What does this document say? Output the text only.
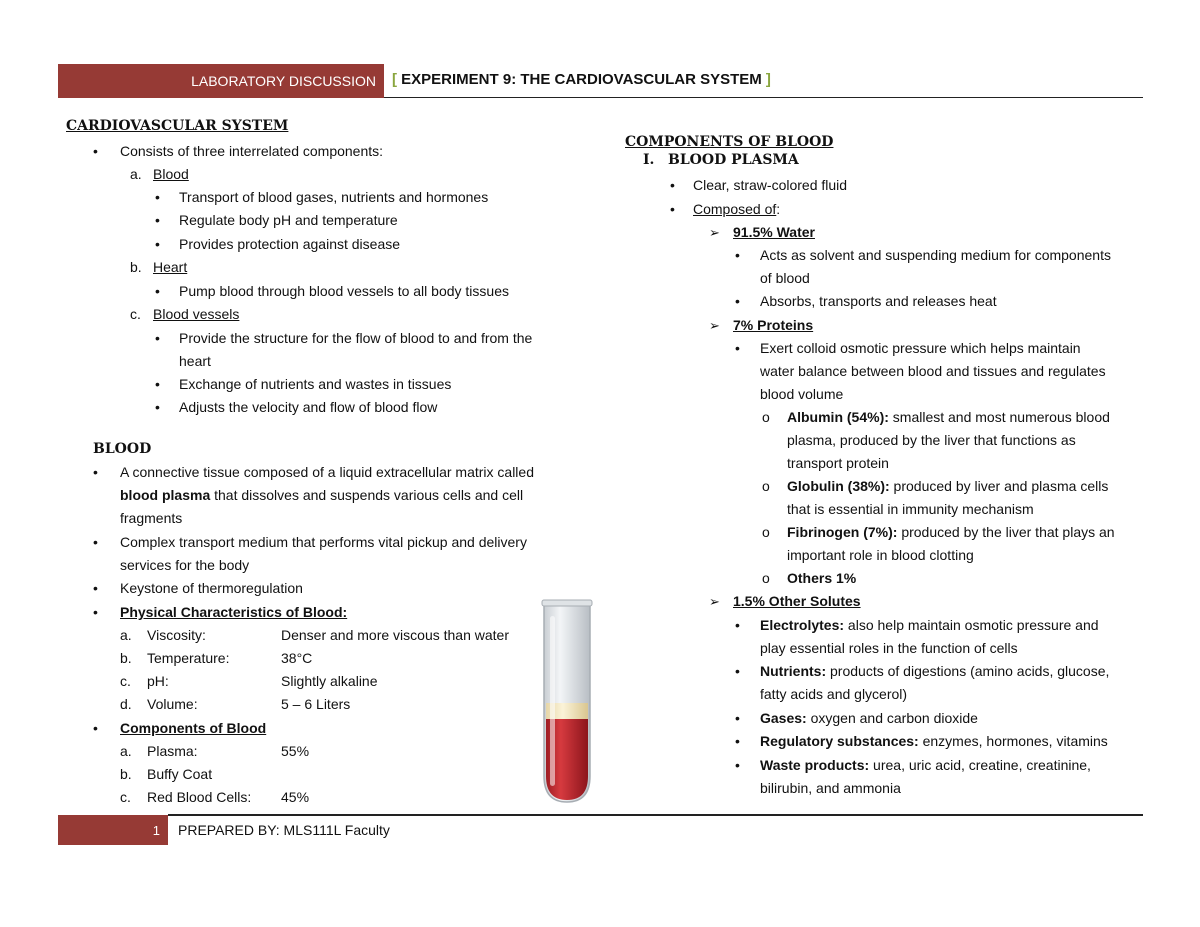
LABORATORY DISCUSSION [ EXPERIMENT 9: THE CARDIOVASCULAR SYSTEM ]
CARDIOVASCULAR SYSTEM
• Consists of three interrelated components:
a. Blood
• Transport of blood gases, nutrients and hormones
• Regulate body pH and temperature
• Provides protection against disease
b. Heart
• Pump blood through blood vessels to all body tissues
c. Blood vessels
• Provide the structure for the flow of blood to and from the
heart
• Exchange of nutrients and wastes in tissues
• Adjusts the velocity and flow of blood flow
BLOOD
• A connective tissue composed of a liquid extracellular matrix called
blood plasma that dissolves and suspends various cells and cell
fragments
• Complex transport medium that performs vital pickup and delivery
services for the body
• Keystone of thermoregulation
• Physical Characteristics of Blood:
a. Viscosity:	Denser and more viscous than water
b. Temperature:	38°C
c. pH:	Slightly alkaline
d. Volume:	5 – 6 Liters
• Components of Blood
a. Plasma:	55%
b. Buffy Coat
c. Red Blood Cells: 45%
COMPONENTS OF BLOOD
I. BLOOD PLASMA
• Clear, straw-colored fluid
• Composed of:
➢ 91.5% Water
• Acts as solvent and suspending medium for components
of blood
• Absorbs, transports and releases heat
➢ 7% Proteins
• Exert colloid osmotic pressure which helps maintain
water balance between blood and tissues and regulates
blood volume
o Albumin (54%): smallest and most numerous blood
plasma, produced by the liver that functions as
transport protein
o Globulin (38%): produced by liver and plasma cells
that is essential in immunity mechanism
o Fibrinogen (7%): produced by the liver that plays an
important role in blood clotting
o Others 1%
➢ 1.5% Other Solutes
• Electrolytes: also help maintain osmotic pressure and
play essential roles in the function of cells
• Nutrients: products of digestions (amino acids, glucose,
fatty acids and glycerol)
• Gases: oxygen and carbon dioxide
• Regulatory substances: enzymes, hormones, vitamins
• Waste products: urea, uric acid, creatine, creatinine,
bilirubin, and ammonia
1 PREPARED BY: MLS111L Faculty
